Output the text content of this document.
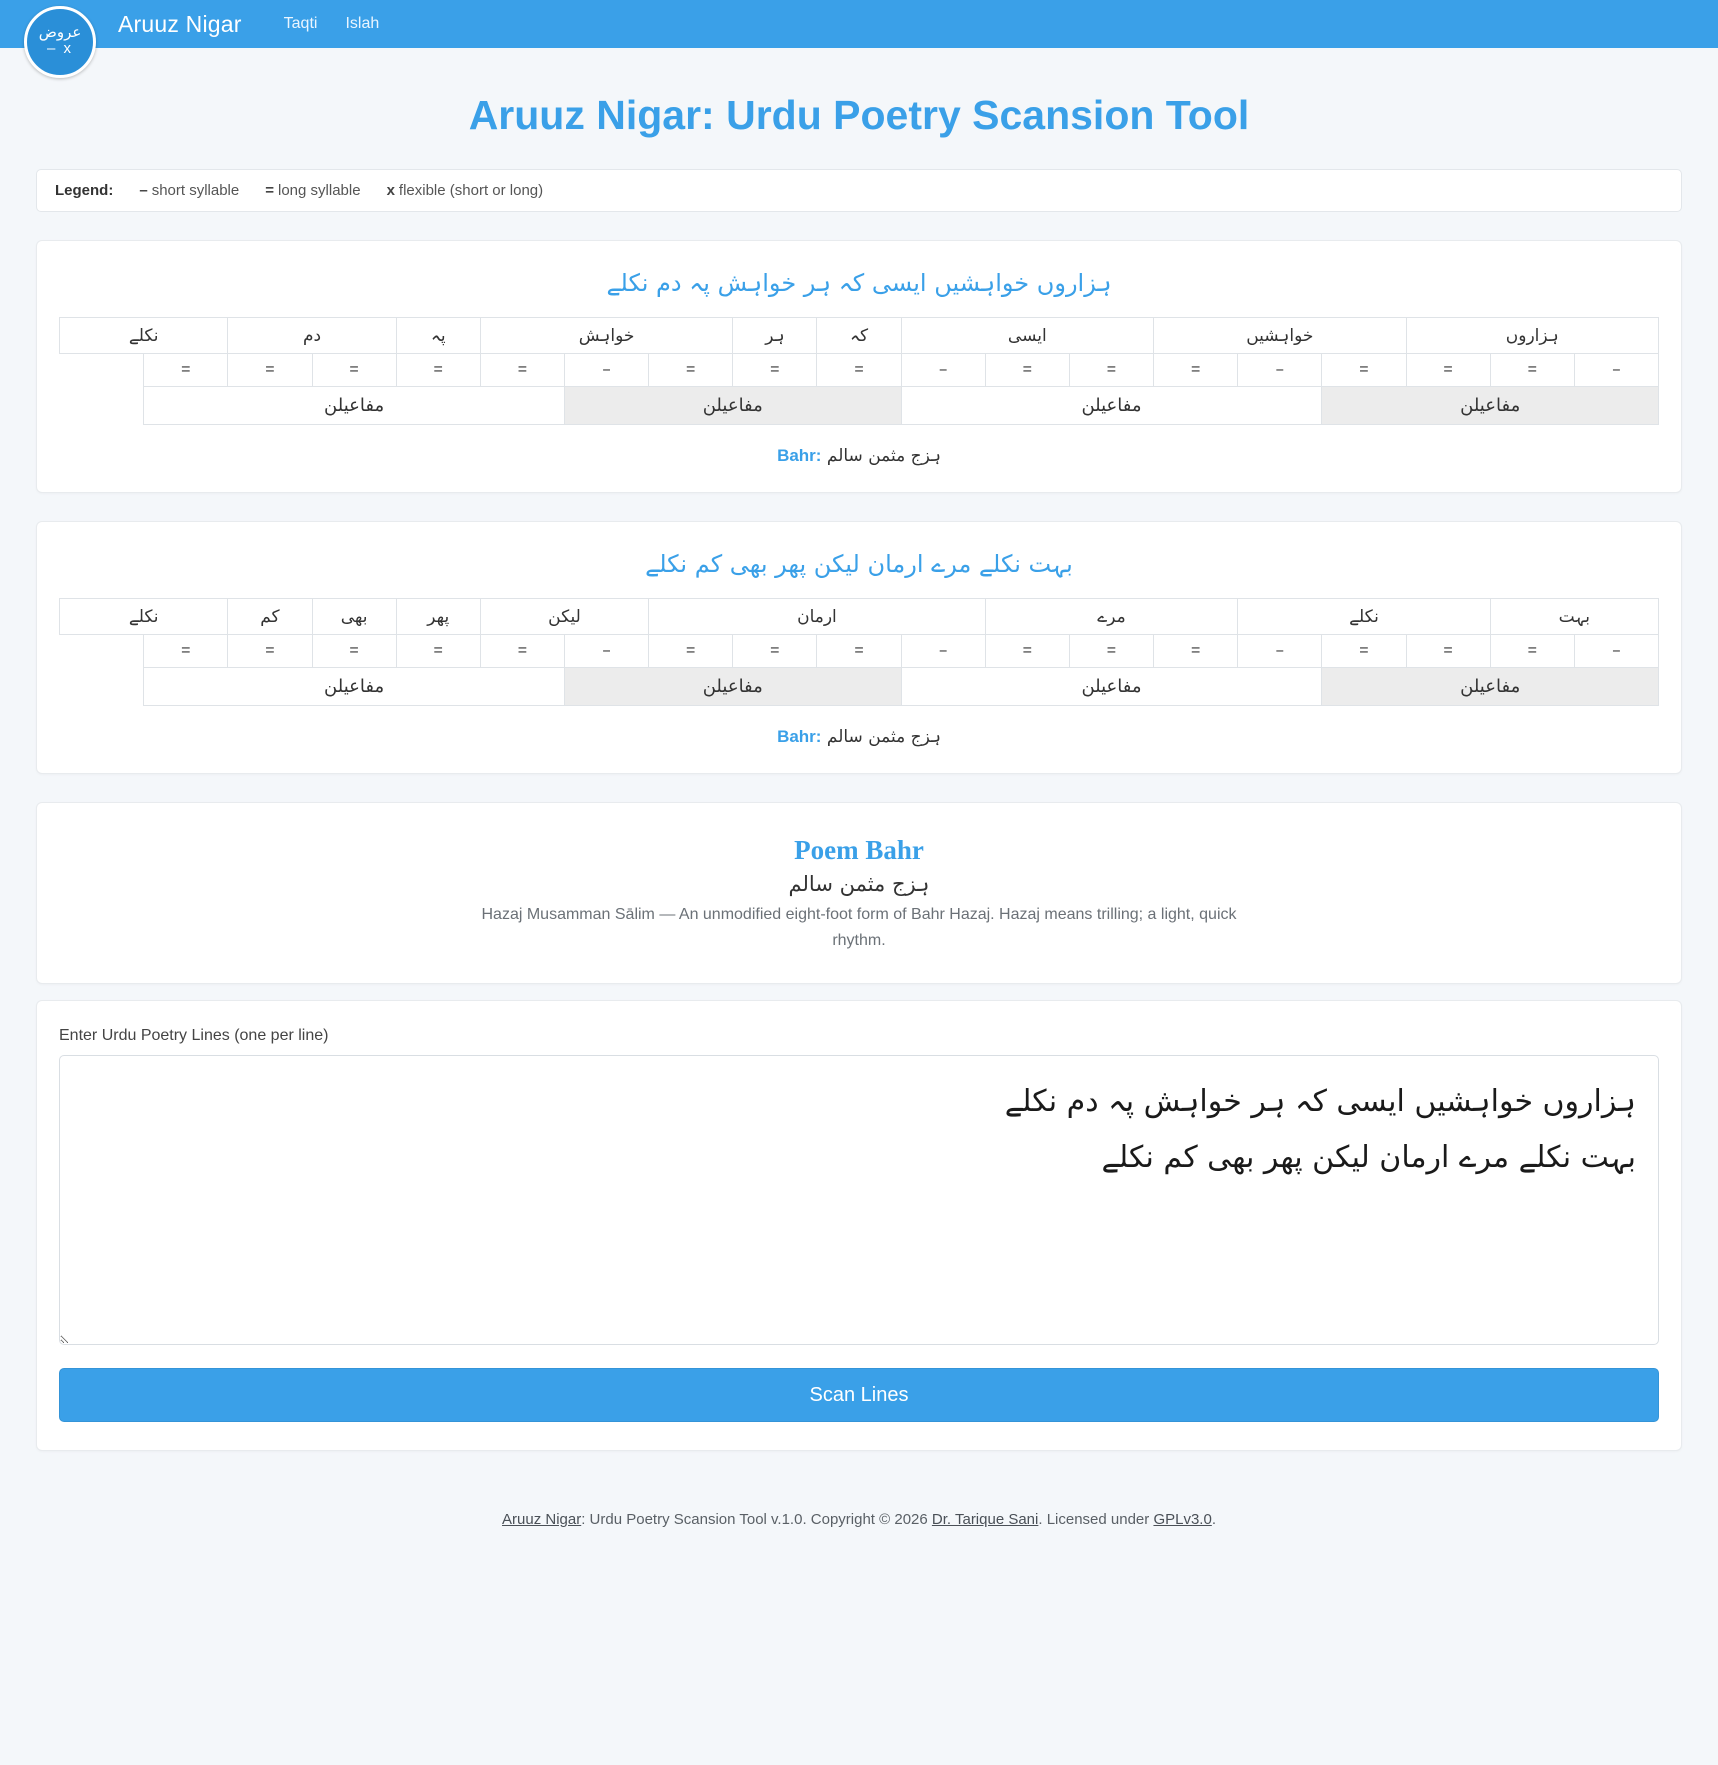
عروض
– x
Aruuz Nigar	Taqti Islah
Aruuz Nigar: Urdu Poetry Scansion Tool
Legend: – short syllable = long syllable x flexible (short or long)
ہزاروں خواہشیں ایسی کہ ہر خواہش پہ دم نکلے
ہزاروں			خواہشیں			ایسی			کہ	ہر	خواہش			پہ	دم		نکلے
–	=	=	=	–	=	=	=	–	=	=	=	–	=	=	=	=	=
مفاعیلن				مفاعیلن					مفاعیلن				مفاعیلن				
ہزج مثمن سالم Bahr:
بہت نکلے مرے ارمان لیکن پھر بھی کم نکلے
بہت		نکلے			مرے			ارمان				لیکن		پھر	بھی	کم	نکلے
–	=	=	=	–	=	=	=	–	=	=	=	–	=	=	=	=	=
مفاعیلن				مفاعیلن					مفاعیلن				مفاعیلن				
ہزج مثمن سالم Bahr:
Poem Bahr
ہزج مثمن سالم
Hazaj Musamman Sālim — An unmodified eight-foot form of Bahr Hazaj. Hazaj means trilling; a light, quick rhythm.
Enter Urdu Poetry Lines (one per line)
ہزاروں خواہشیں ایسی کہ ہر خواہش پہ دم نکلے بہت نکلے مرے ارمان لیکن پھر بھی کم نکلے Scan Lines
Aruuz Nigar: Urdu Poetry Scansion Tool v.1.0. Copyright © 2026 Dr. Tarique Sani. Licensed under GPLv3.0.
